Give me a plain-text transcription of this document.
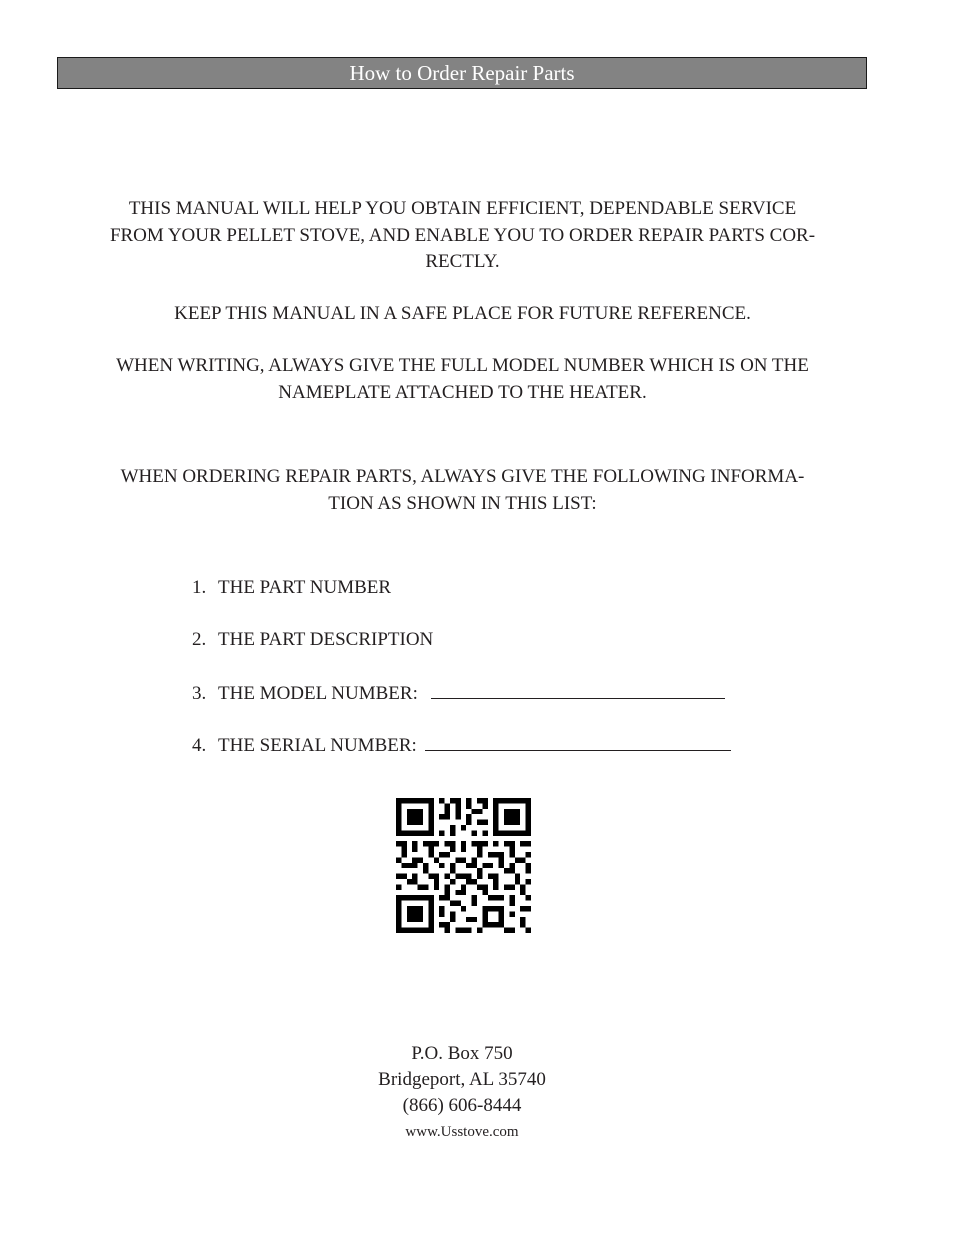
How to Order Repair Parts
THIS MANUAL WILL HELP YOU OBTAIN EFFICIENT, DEPENDABLE SERVICE
FROM YOUR PELLET STOVE, AND ENABLE YOU TO ORDER REPAIR PARTS COR-
RECTLY.
KEEP THIS MANUAL IN A SAFE PLACE FOR FUTURE REFERENCE.
WHEN WRITING, ALWAYS GIVE THE FULL MODEL NUMBER WHICH IS ON THE
NAMEPLATE ATTACHED TO THE HEATER.
WHEN ORDERING REPAIR PARTS, ALWAYS GIVE THE FOLLOWING INFORMA-
TION AS SHOWN IN THIS LIST:
1. THE PART NUMBER
2. THE PART DESCRIPTION
3. THE MODEL NUMBER:
4. THE SERIAL NUMBER:
P.O. Box 750
Bridgeport, AL 35740
(866) 606-8444
www.Usstove.com
